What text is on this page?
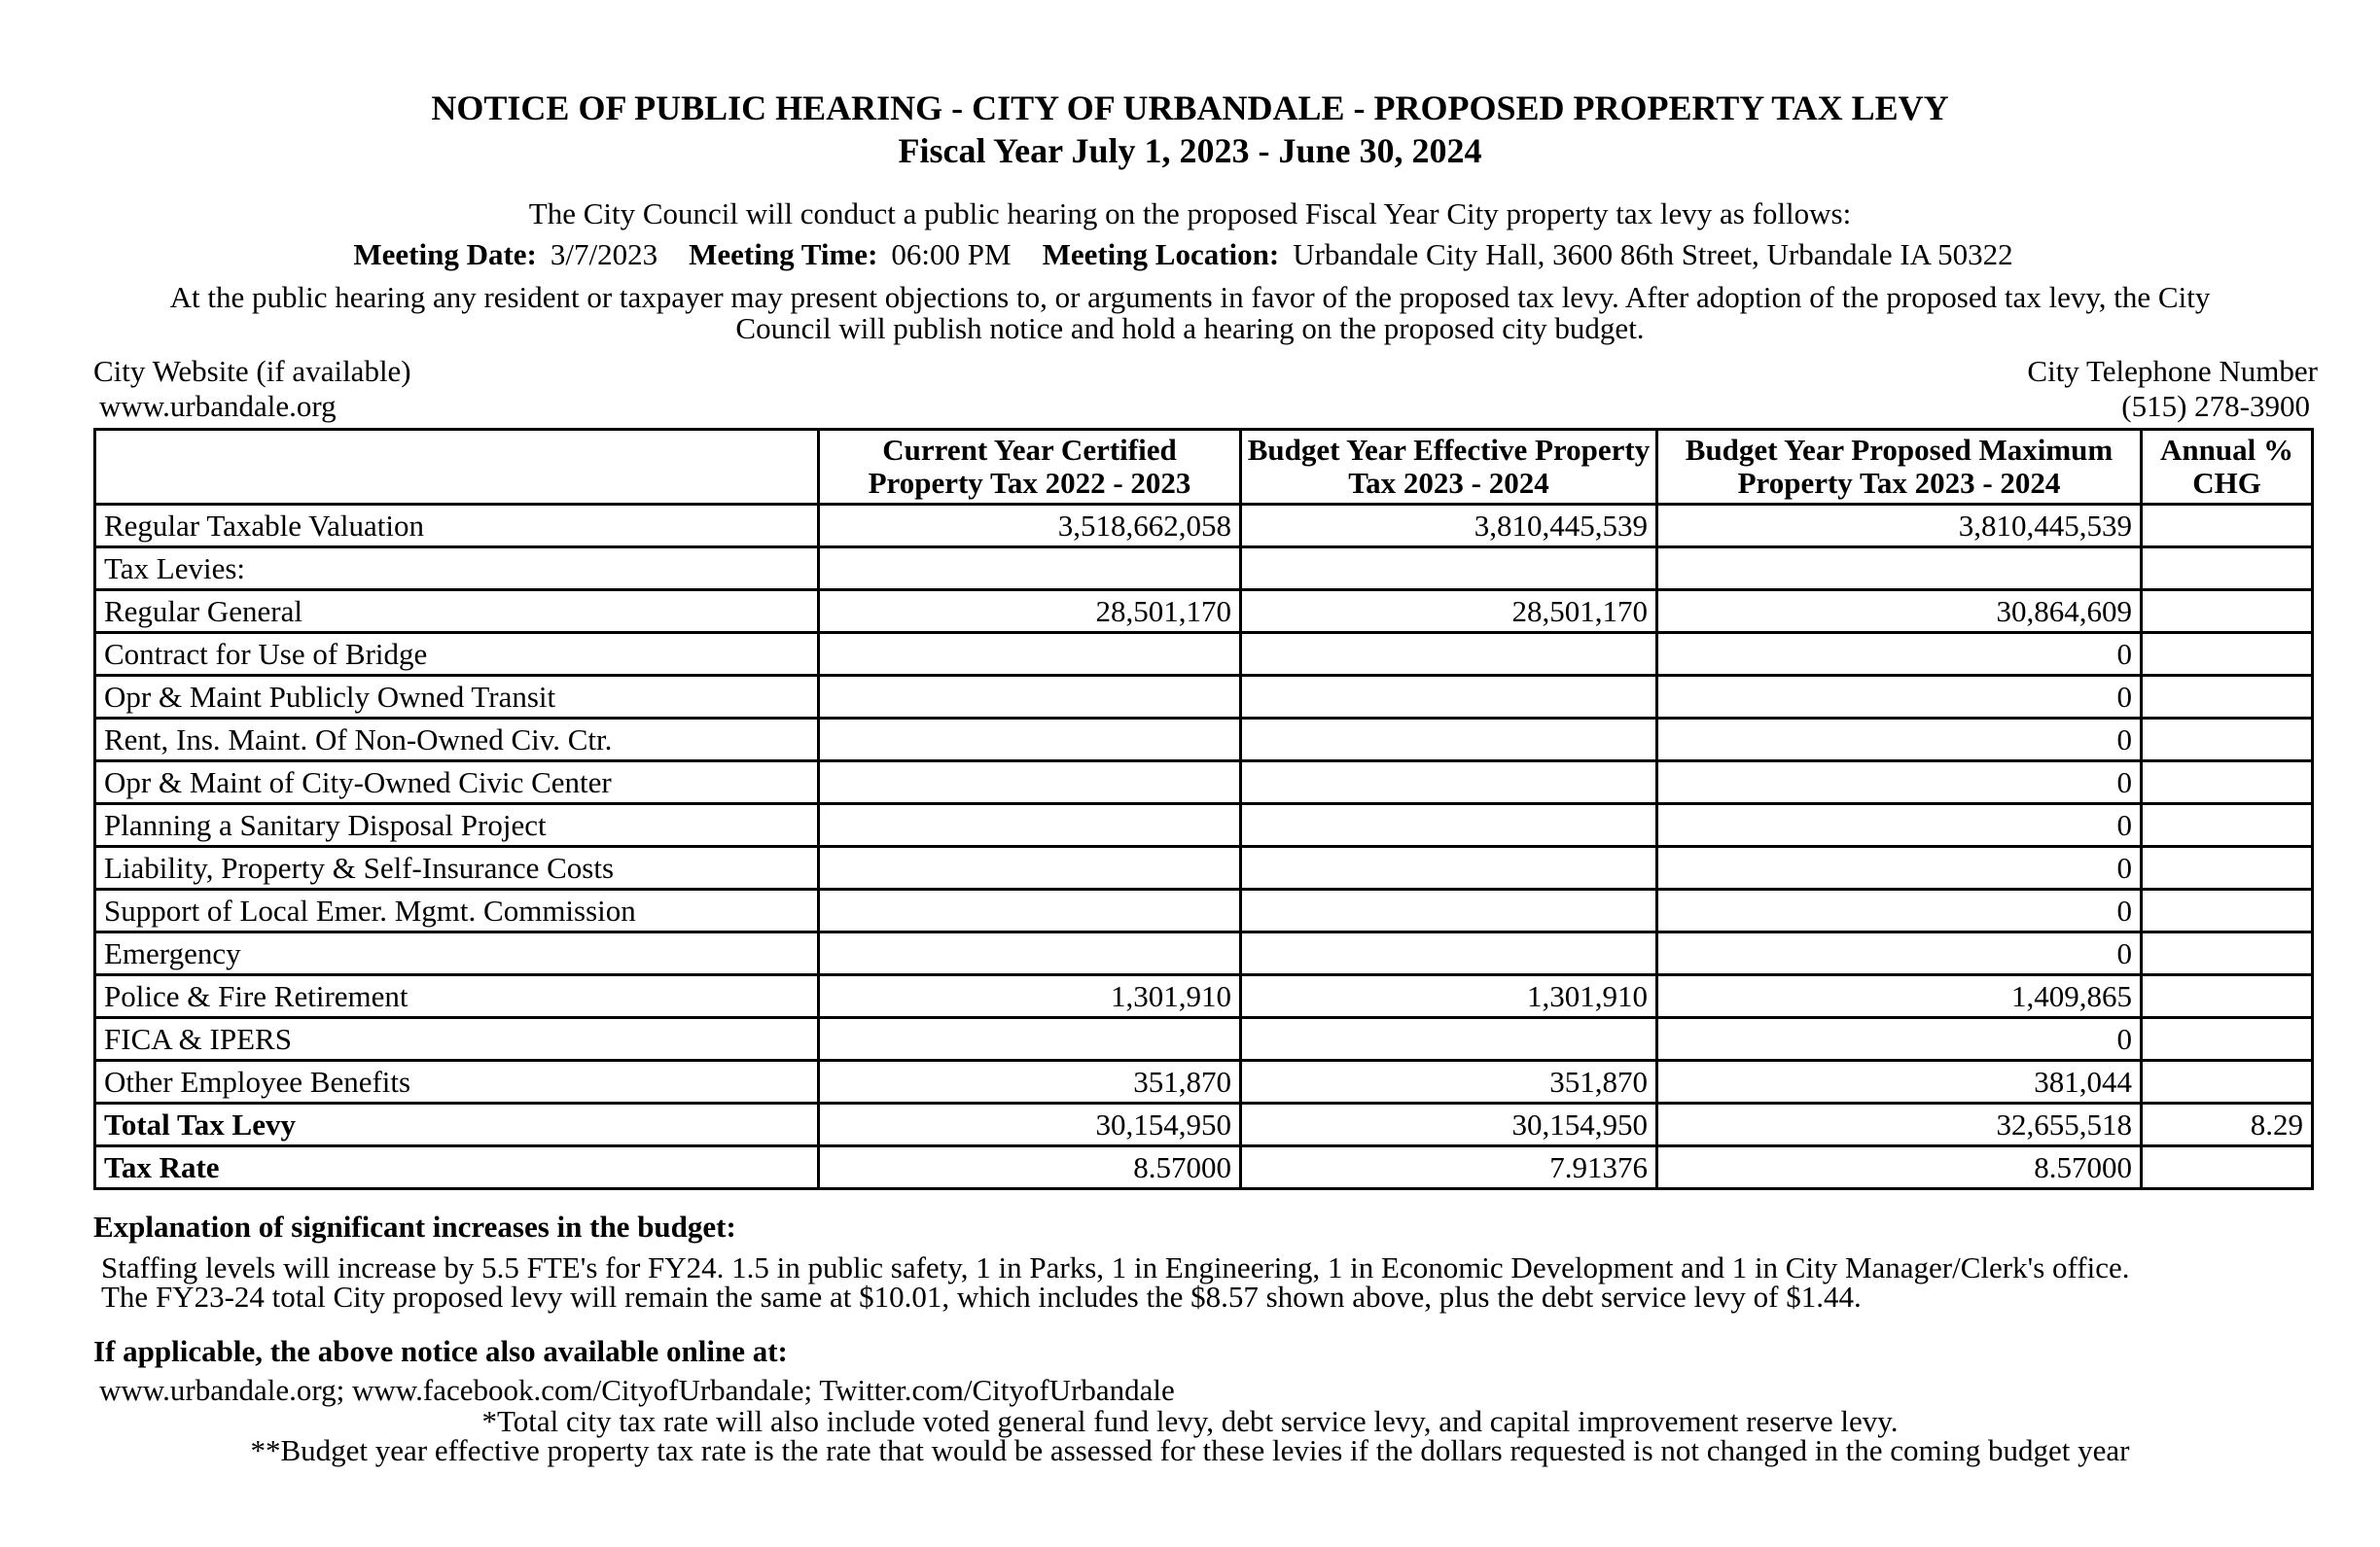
NOTICE OF PUBLIC HEARING - CITY OF URBANDALE - PROPOSED PROPERTY TAX LEVY
Fiscal Year July 1, 2023 - June 30, 2024
The City Council will conduct a public hearing on the proposed Fiscal Year City property tax levy as follows:
Meeting Date: 3/7/2023 Meeting Time: 06:00 PM Meeting Location: Urbandale City Hall, 3600 86th Street, Urbandale IA 50322
At the public hearing any resident or taxpayer may present objections to, or arguments in favor of the proposed tax levy. After adoption of the proposed tax levy, the City
Council will publish notice and hold a hearing on the proposed city budget.
City Website (if available)
www.urbandale.org
City Telephone Number
(515) 278-3900
	Current Year Certified Property Tax 2022 - 2023	Budget Year Effective Property Tax 2023 - 2024	Budget Year Proposed Maximum Property Tax 2023 - 2024	Annual % CHG
Regular Taxable Valuation	3,518,662,058	3,810,445,539	3,810,445,539	
Tax Levies:				
Regular General	28,501,170	28,501,170	30,864,609	
Contract for Use of Bridge			0	
Opr & Maint Publicly Owned Transit			0	
Rent, Ins. Maint. Of Non-Owned Civ. Ctr.			0	
Opr & Maint of City-Owned Civic Center			0	
Planning a Sanitary Disposal Project			0	
Liability, Property & Self-Insurance Costs			0	
Support of Local Emer. Mgmt. Commission			0	
Emergency			0	
Police & Fire Retirement	1,301,910	1,301,910	1,409,865	
FICA & IPERS			0	
Other Employee Benefits	351,870	351,870	381,044	
Total Tax Levy	30,154,950	30,154,950	32,655,518	8.29
Tax Rate	8.57000	7.91376	8.57000	
Explanation of significant increases in the budget:
Staffing levels will increase by 5.5 FTE's for FY24. 1.5 in public safety, 1 in Parks, 1 in Engineering, 1 in Economic Development and 1 in City Manager/Clerk's office.
The FY23-24 total City proposed levy will remain the same at $10.01, which includes the $8.57 shown above, plus the debt service levy of $1.44.
If applicable, the above notice also available online at:
www.urbandale.org; www.facebook.com/CityofUrbandale; Twitter.com/CityofUrbandale
*Total city tax rate will also include voted general fund levy, debt service levy, and capital improvement reserve levy.
**Budget year effective property tax rate is the rate that would be assessed for these levies if the dollars requested is not changed in the coming budget year
